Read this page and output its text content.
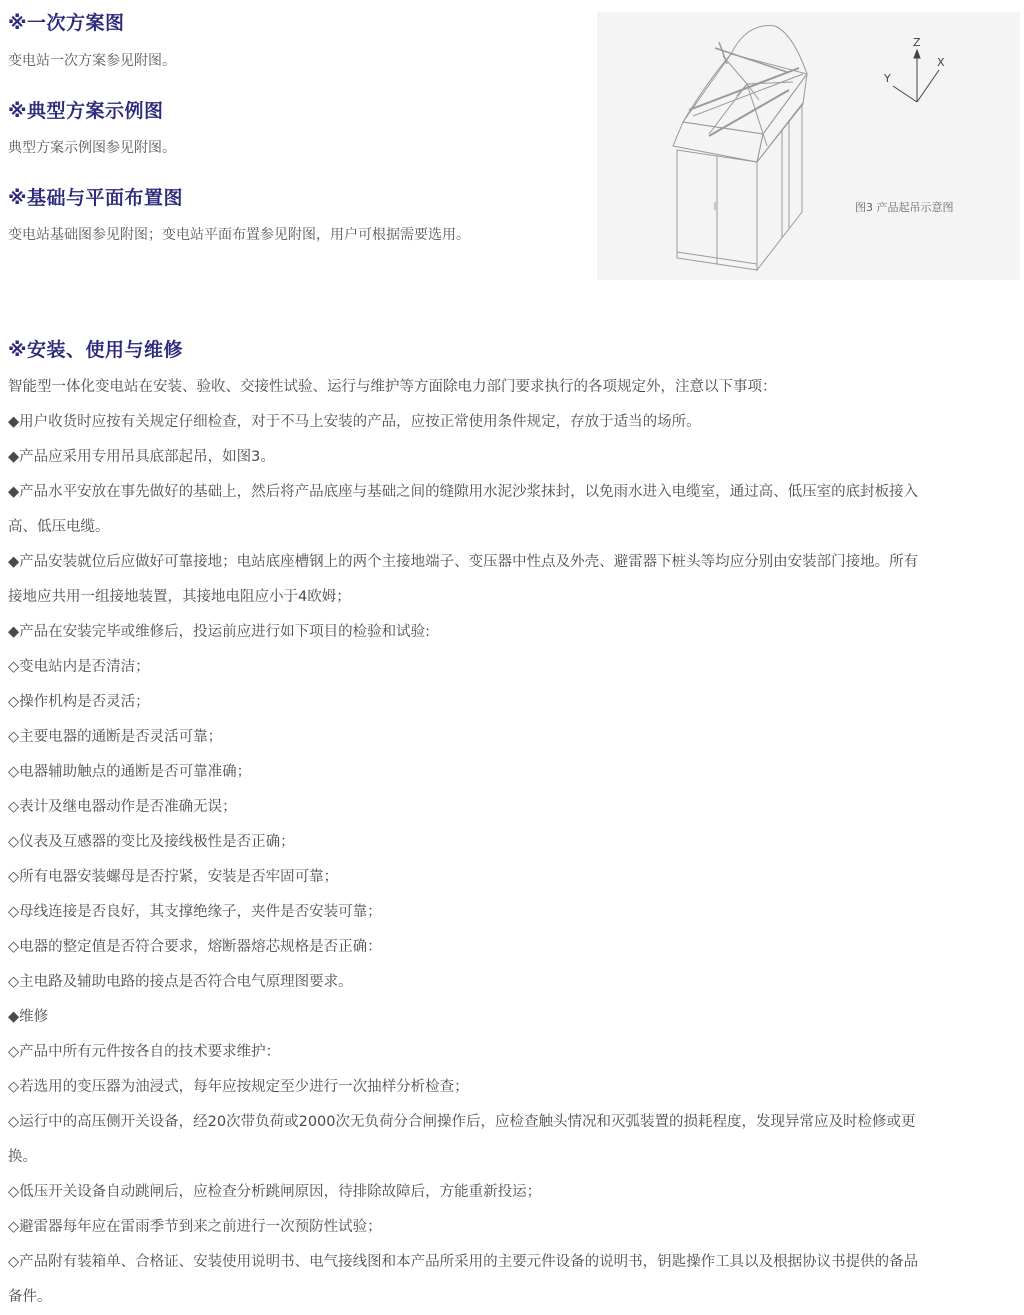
※一次方案图
变电站一次方案参见附图。
※典型方案示例图
典型方案示例图参见附图。
※基础与平面布置图
变电站基础图参见附图；变电站平面布置参见附图，用户可根据需要选用。
Z
X
Y
图3 产品起吊示意图
※安装、使用与维修
智能型一体化变电站在安装、验收、交接性试验、运行与维护等方面除电力部门要求执行的各项规定外，注意以下事项：
◆用户收货时应按有关规定仔细检查，对于不马上安装的产品，应按正常使用条件规定，存放于适当的场所。
◆产品应采用专用吊具底部起吊，如图3。
◆产品水平安放在事先做好的基础上，然后将产品底座与基础之间的缝隙用水泥沙浆抹封，以免雨水进入电缆室，通过高、低压室的底封板接入
高、低压电缆。
◆产品安装就位后应做好可靠接地；电站底座槽钢上的两个主接地端子、变压器中性点及外壳、避雷器下桩头等均应分别由安装部门接地。所有
接地应共用一组接地装置，其接地电阻应小于4欧姆；
◆产品在安装完毕或维修后，投运前应进行如下项目的检验和试验:
◇变电站内是否清洁；
◇操作机构是否灵活；
◇主要电器的通断是否灵活可靠；
◇电器辅助触点的通断是否可靠准确；
◇表计及继电器动作是否准确无误；
◇仪表及互感器的变比及接线极性是否正确；
◇所有电器安装螺母是否拧紧，安装是否牢固可靠；
◇母线连接是否良好，其支撑绝缘子，夹件是否安装可靠；
◇电器的整定值是否符合要求，熔断器熔芯规格是否正确：
◇主电路及辅助电路的接点是否符合电气原理图要求。
◆维修
◇产品中所有元件按各自的技术要求维护：
◇若选用的变压器为油浸式，每年应按规定至少进行一次抽样分析检查；
◇运行中的高压侧开关设备，经20次带负荷或2000次无负荷分合闸操作后，应检查触头情况和灭弧装置的损耗程度，发现异常应及时检修或更
换。
◇低压开关设备自动跳闸后，应检查分析跳闸原因，待排除故障后，方能重新投运；
◇避雷器每年应在雷雨季节到来之前进行一次预防性试验；
◇产品附有装箱单、合格证、安装使用说明书、电气接线图和本产品所采用的主要元件设备的说明书，钥匙操作工具以及根据协议书提供的备品
备件。
